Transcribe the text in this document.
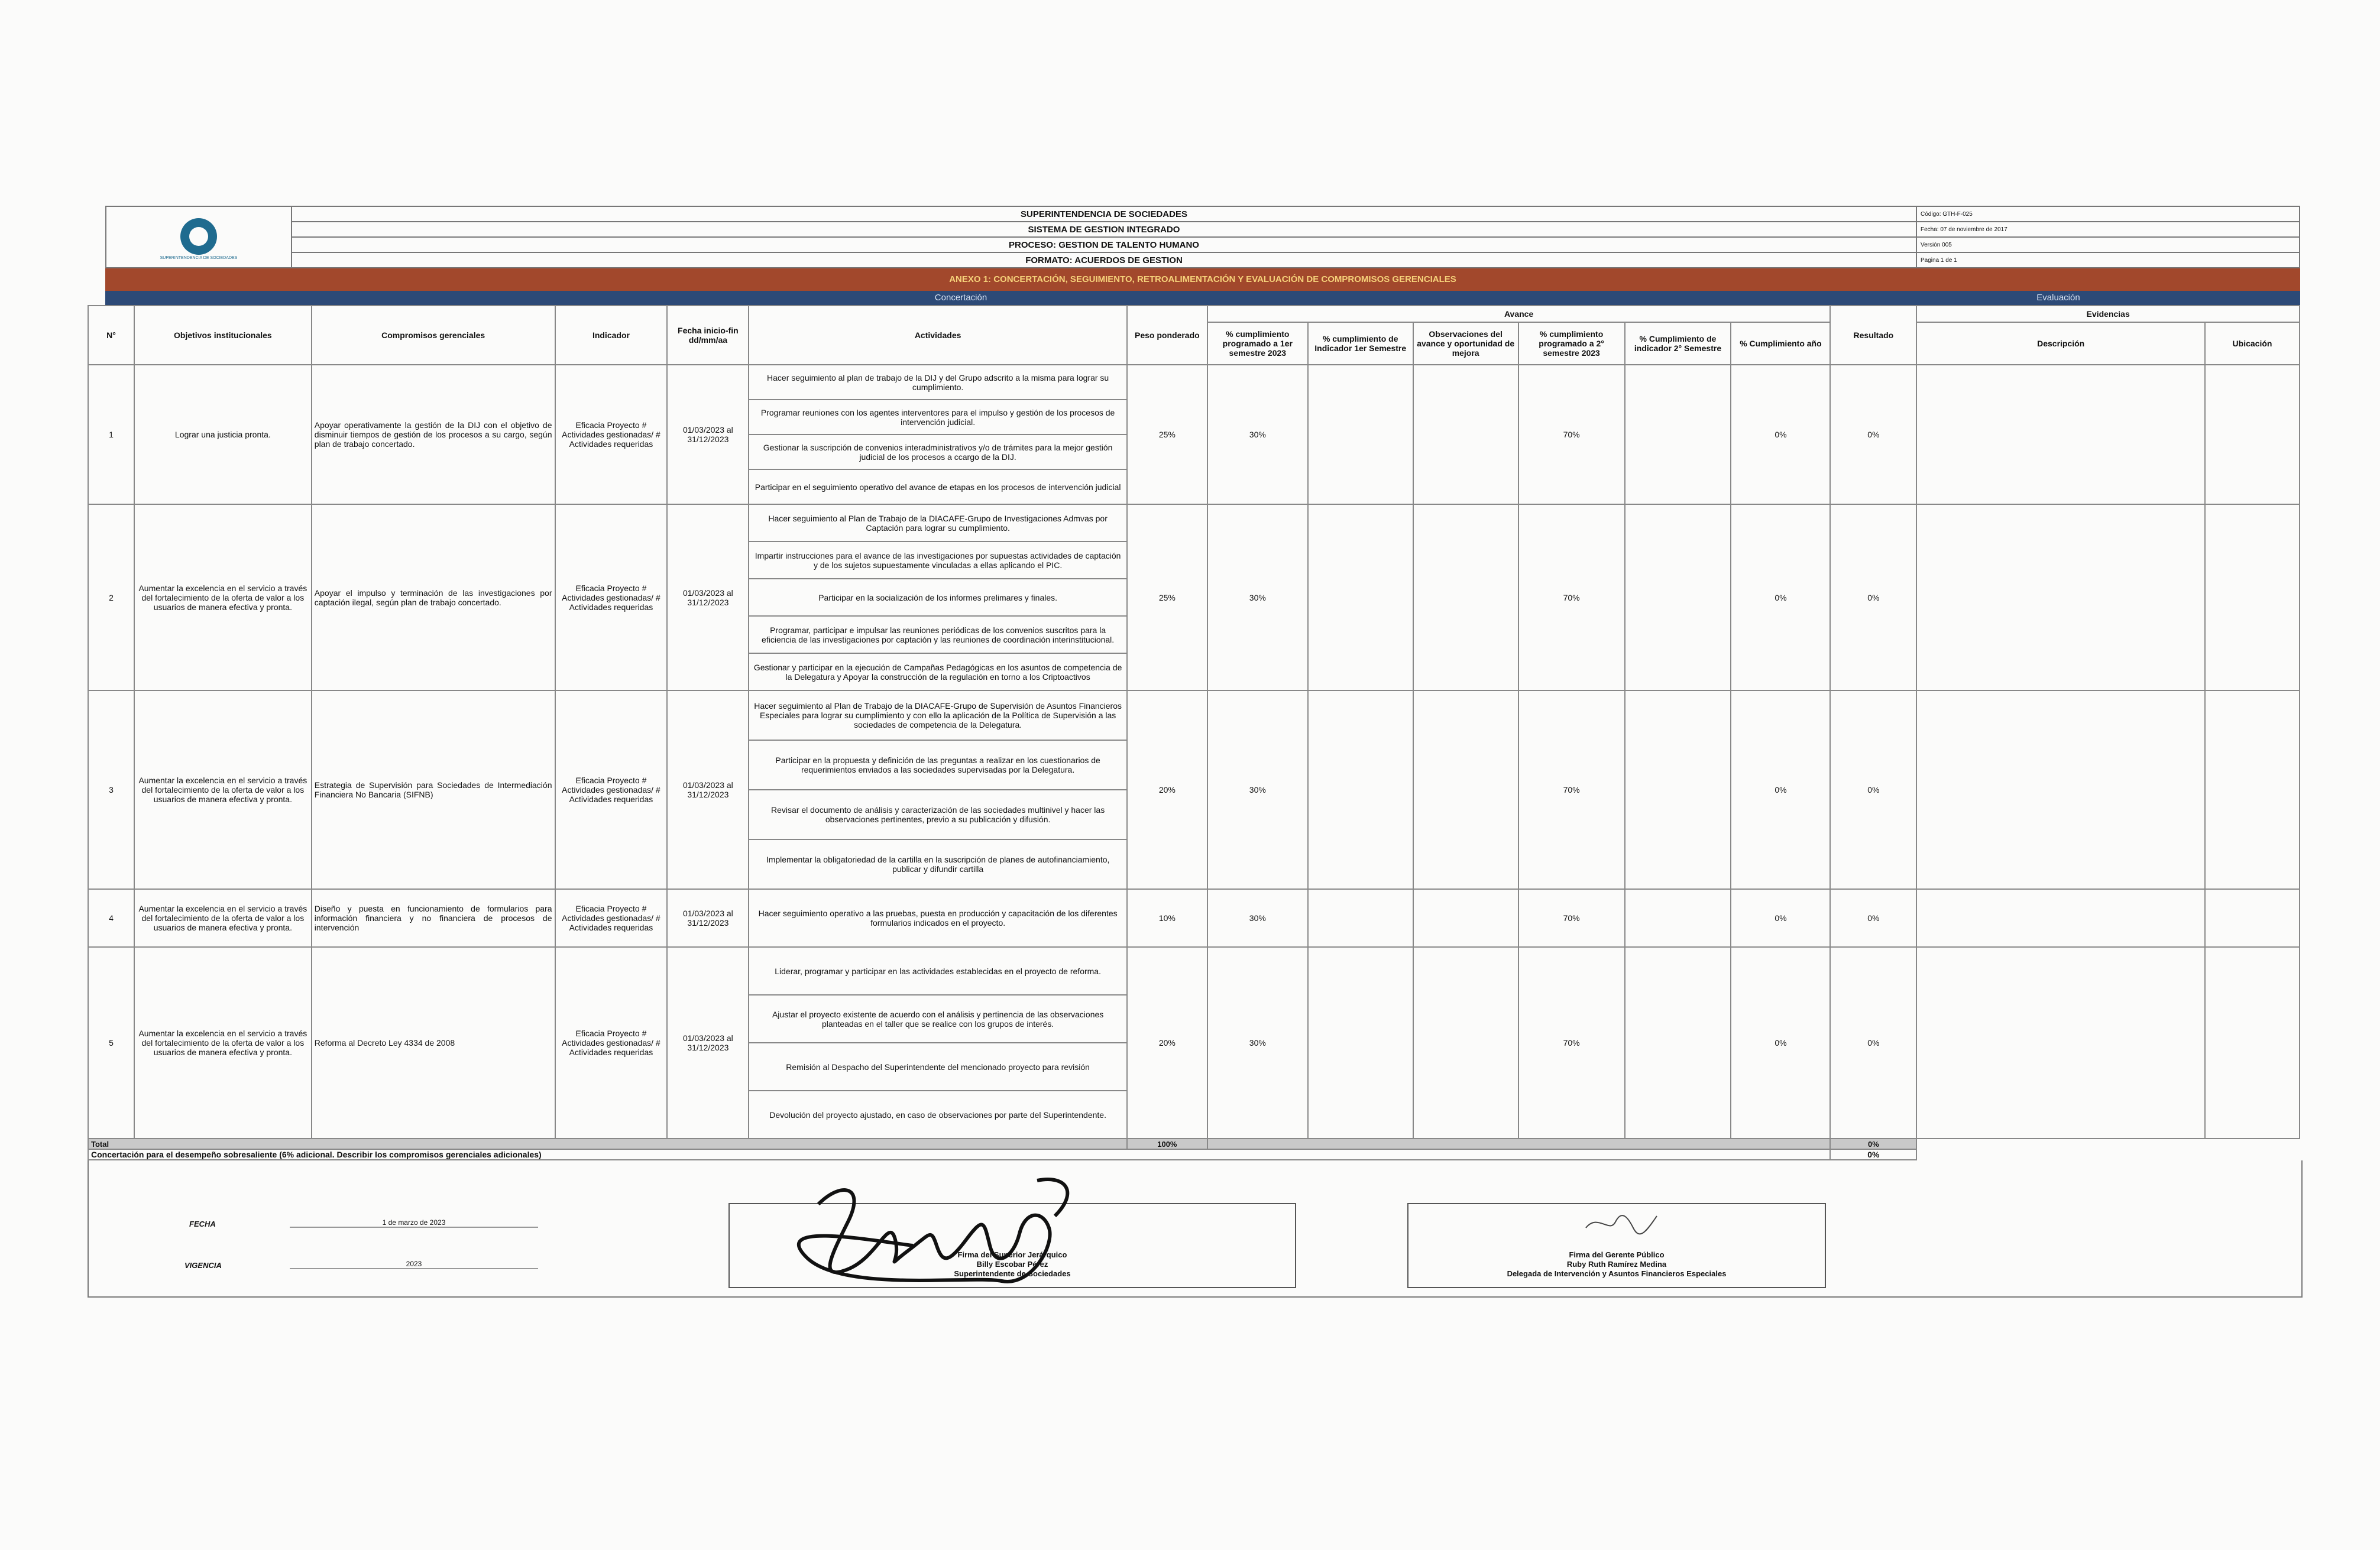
SUPERINTENDENCIA DE SOCIEDADES	SUPERINTENDENCIA DE SOCIEDADES	Código: GTH-F-025
	SISTEMA DE GESTION INTEGRADO	Fecha: 07 de noviembre de 2017
	PROCESO: GESTION DE TALENTO HUMANO	Versión 005
	FORMATO: ACUERDOS DE GESTION	Pagina 1 de 1
ANEXO 1: CONCERTACIÓN, SEGUIMIENTO, RETROALIMENTACIÓN Y EVALUACIÓN DE COMPROMISOS GERENCIALES
Concertación	Evaluación
N°	Objetivos institucionales	Compromisos gerenciales	Indicador	Fecha inicio-fin dd/mm/aa	Actividades	Peso ponderado	Avance						Resultado	Evidencias	
							% cumplimiento programado a 1er semestre 2023	% cumplimiento de Indicador 1er Semestre	Observaciones del avance y oportunidad de mejora	% cumplimiento programado a 2° semestre 2023	% Cumplimiento de indicador 2° Semestre	% Cumplimiento año		Descripción	Ubicación
1	Lograr una justicia pronta.	Apoyar operativamente la gestión de la DIJ con el objetivo de disminuir tiempos de gestión de los procesos a su cargo, según plan de trabajo concertado.	Eficacia Proyecto # Actividades gestionadas/ # Actividades requeridas	01/03/2023 al 31/12/2023	Hacer seguimiento al plan de trabajo de la DIJ y del Grupo adscrito a la misma para lograr su cumplimiento.	25%	30%			70%		0%	0%		
					Programar reuniones con los agentes interventores para el impulso y gestión de los procesos de intervención judicial.										
					Gestionar la suscripción de convenios interadministrativos y/o de trámites para la mejor gestión judicial de los procesos a ccargo de la DIJ.										
					Participar en el seguimiento operativo del avance de etapas en los procesos de intervención judicial										
2	Aumentar la excelencia en el servicio a través del fortalecimiento de la oferta de valor a los usuarios de manera efectiva y pronta.	Apoyar el impulso y terminación de las investigaciones por captación ilegal, según plan de trabajo concertado.	Eficacia Proyecto # Actividades gestionadas/ # Actividades requeridas	01/03/2023 al 31/12/2023	Hacer seguimiento al Plan de Trabajo de la DIACAFE-Grupo de Investigaciones Admvas por Captación para lograr su cumplimiento.	25%	30%			70%		0%	0%		
					Impartir instrucciones para el avance de las investigaciones por supuestas actividades de captación y de los sujetos supuestamente vinculadas a ellas aplicando el PIC.										
					Participar en la socialización de los informes prelimares y finales.										
					Programar, participar e impulsar las reuniones periódicas de los convenios suscritos para la eficiencia de las investigaciones por captación y las reuniones de coordinación interinstitucional.										
					Gestionar y participar en la ejecución de Campañas Pedagógicas en los asuntos de competencia de la Delegatura y Apoyar la construcción de la regulación en torno a los Criptoactivos										
3	Aumentar la excelencia en el servicio a través del fortalecimiento de la oferta de valor a los usuarios de manera efectiva y pronta.	Estrategia de Supervisión para Sociedades de Intermediación Financiera No Bancaria (SIFNB)	Eficacia Proyecto # Actividades gestionadas/ # Actividades requeridas	01/03/2023 al 31/12/2023	Hacer seguimiento al Plan de Trabajo de la DIACAFE-Grupo de Supervisión de Asuntos Financieros Especiales para lograr su cumplimiento y con ello la aplicación de la Política de Supervisión a las sociedades de competencia de la Delegatura.	20%	30%			70%		0%	0%		
					Participar en la propuesta y definición de las preguntas a realizar en los cuestionarios de requerimientos enviados a las sociedades supervisadas por la Delegatura.										
					Revisar el documento de análisis y caracterización de las sociedades multinivel y hacer las observaciones pertinentes, previo a su publicación y difusión.										
					Implementar la obligatoriedad de la cartilla en la suscripción de planes de autofinanciamiento, publicar y difundir cartilla										
4	Aumentar la excelencia en el servicio a través del fortalecimiento de la oferta de valor a los usuarios de manera efectiva y pronta.	Diseño y puesta en funcionamiento de formularios para información financiera y no financiera de procesos de intervención	Eficacia Proyecto # Actividades gestionadas/ # Actividades requeridas	01/03/2023 al 31/12/2023	Hacer seguimiento operativo a las pruebas, puesta en producción y capacitación de los diferentes formularios indicados en el proyecto.	10%	30%			70%		0%	0%		
5	Aumentar la excelencia en el servicio a través del fortalecimiento de la oferta de valor a los usuarios de manera efectiva y pronta.	Reforma al Decreto Ley 4334 de 2008	Eficacia Proyecto # Actividades gestionadas/ # Actividades requeridas	01/03/2023 al 31/12/2023	Liderar, programar y participar en las actividades establecidas en el proyecto de reforma.	20%	30%			70%		0%	0%		
					Ajustar el proyecto existente de acuerdo con el análisis y pertinencia de las observaciones planteadas en el taller que se realice con los grupos de interés.										
					Remisión al Despacho del Superintendente del mencionado proyecto para revisión										
					Devolución del proyecto ajustado, en caso de observaciones por parte del Superintendente.										
Total						100%							0%		
Concertación para el desempeño sobresaliente (6% adicional. Describir los compromisos gerenciales adicionales)													0%		
FECHA	1 de marzo de 2023
VIGENCIA	2023
Firma del Superior Jerárquico
Billy Escobar Pérez
Superintendente de Sociedades
Firma del Gerente Público
Ruby Ruth Ramírez Medina
Delegada de Intervención y Asuntos Financieros Especiales
